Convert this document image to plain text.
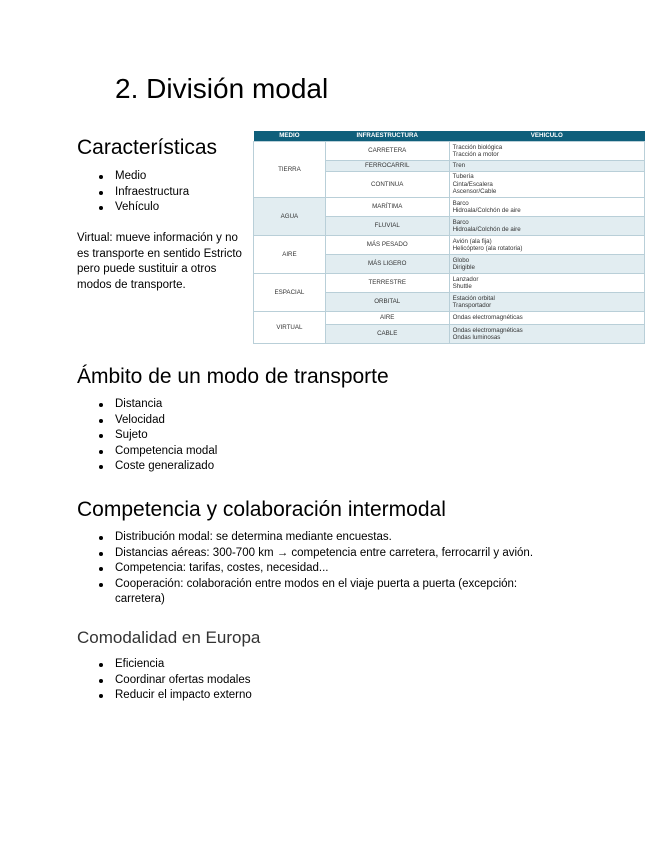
2. División modal
Características
Medio
Infraestructura
Vehículo
Virtual: mueve información y no es transporte en sentido Estricto pero puede sustituir a otros modos de transporte.
MEDIO	INFRAESTRUCTURA	VEHICULO
TIERRA	CARRETERA	Tracción biológica
Tracción a motor
	FERROCARRIL	Tren
	CONTINUA	Tubería
Cinta/Escalera
Ascensor/Cable
AGUA	MARÍTIMA	Barco
Hidroala/Colchón de aire
	FLUVIAL	Barco
Hidroala/Colchón de aire
AIRE	MÁS PESADO	Avión (ala fija)
Helicóptero (ala rotatoria)
	MÁS LIGERO	Globo
Dirigible
ESPACIAL	TERRESTRE	Lanzador
Shuttle
	ORBITAL	Estación orbital
Transportador
VIRTUAL	AIRE	Ondas electromagnéticas
	CABLE	Ondas electromagnéticas
Ondas luminosas
Ámbito de un modo de transporte
Distancia
Velocidad
Sujeto
Competencia modal
Coste generalizado
Competencia y colaboración intermodal
Distribución modal: se determina mediante encuestas.
Distancias aéreas: 300-700 km → competencia entre carretera, ferrocarril y avión.
Competencia: tarifas, costes, necesidad...
Cooperación: colaboración entre modos en el viaje puerta a puerta (excepción: carretera)
Comodalidad en Europa
Eficiencia
Coordinar ofertas modales
Reducir el impacto externo
